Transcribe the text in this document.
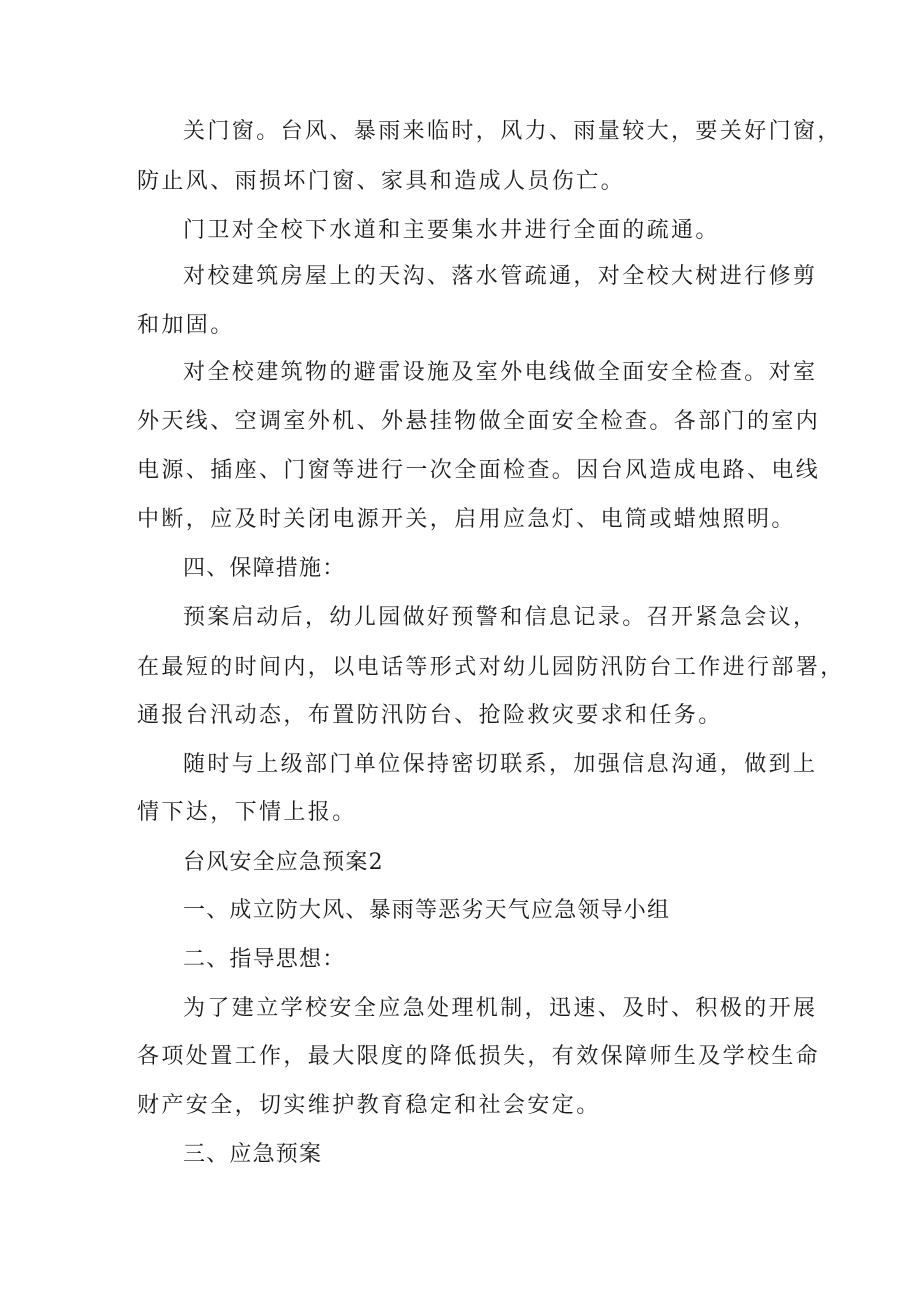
关门窗。台风、暴雨来临时，风力、雨量较大，要关好门窗，
防止风、雨损坏门窗、家具和造成人员伤亡。
门卫对全校下水道和主要集水井进行全面的疏通。
对校建筑房屋上的天沟、落水管疏通，对全校大树进行修剪
和加固。
对全校建筑物的避雷设施及室外电线做全面安全检查。对室
外天线、空调室外机、外悬挂物做全面安全检查。各部门的室内
电源、插座、门窗等进行一次全面检查。因台风造成电路、电线
中断，应及时关闭电源开关，启用应急灯、电筒或蜡烛照明。
四、保障措施：
预案启动后，幼儿园做好预警和信息记录。召开紧急会议，
在最短的时间内，以电话等形式对幼儿园防汛防台工作进行部署，
通报台汛动态，布置防汛防台、抢险救灾要求和任务。
随时与上级部门单位保持密切联系，加强信息沟通，做到上
情下达，下情上报。
台风安全应急预案2
一、成立防大风、暴雨等恶劣天气应急领导小组
二、指导思想：
为了建立学校安全应急处理机制，迅速、及时、积极的开展
各项处置工作，最大限度的降低损失，有效保障师生及学校生命
财产安全，切实维护教育稳定和社会安定。
三、应急预案
